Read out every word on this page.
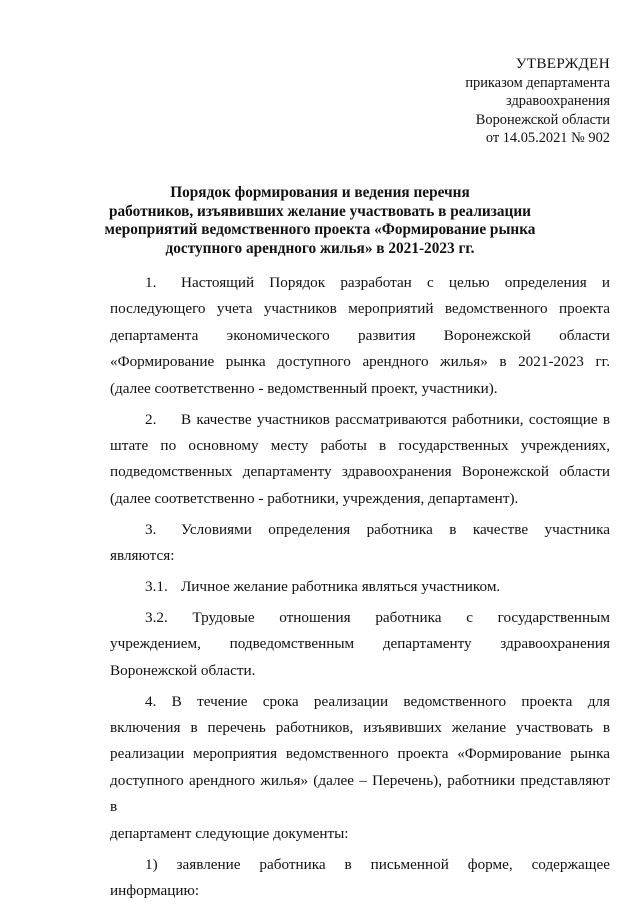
УТВЕРЖДЕН
приказом департамента
здравоохранения
Воронежской области
от 14.05.2021 № 902
Порядок формирования и ведения перечня
работников, изъявивших желание участвовать в реализации
мероприятий ведомственного проекта «Формирование рынка
доступного арендного жилья» в 2021-2023 гг.

1. Настоящий Порядок разработан с целью определения и
последующего учета участников мероприятий ведомственного проекта
департамента экономического развития Воронежской области
«Формирование рынка доступного арендного жилья» в 2021-2023 гг.
(далее соответственно - ведомственный проект, участники).

2. В качестве участников рассматриваются работники, состоящие в
штате по основному месту работы в государственных учреждениях,
подведомственных департаменту здравоохранения Воронежской области
(далее соответственно - работники, учреждения, департамент).

3. Условиями определения работника в качестве участника
являются:

3.1. Личное желание работника являться участником.

3.2. Трудовые отношения работника с государственным
учреждением, подведомственным департаменту здравоохранения
Воронежской области.

4. В течение срока реализации ведомственного проекта для
включения в перечень работников, изъявивших желание участвовать в
реализации мероприятия ведомственного проекта «Формирование рынка
доступного арендного жилья» (далее – Перечень), работники представляют в
департамент следующие документы:

1) заявление работника в письменной форме, содержащее
информацию:
